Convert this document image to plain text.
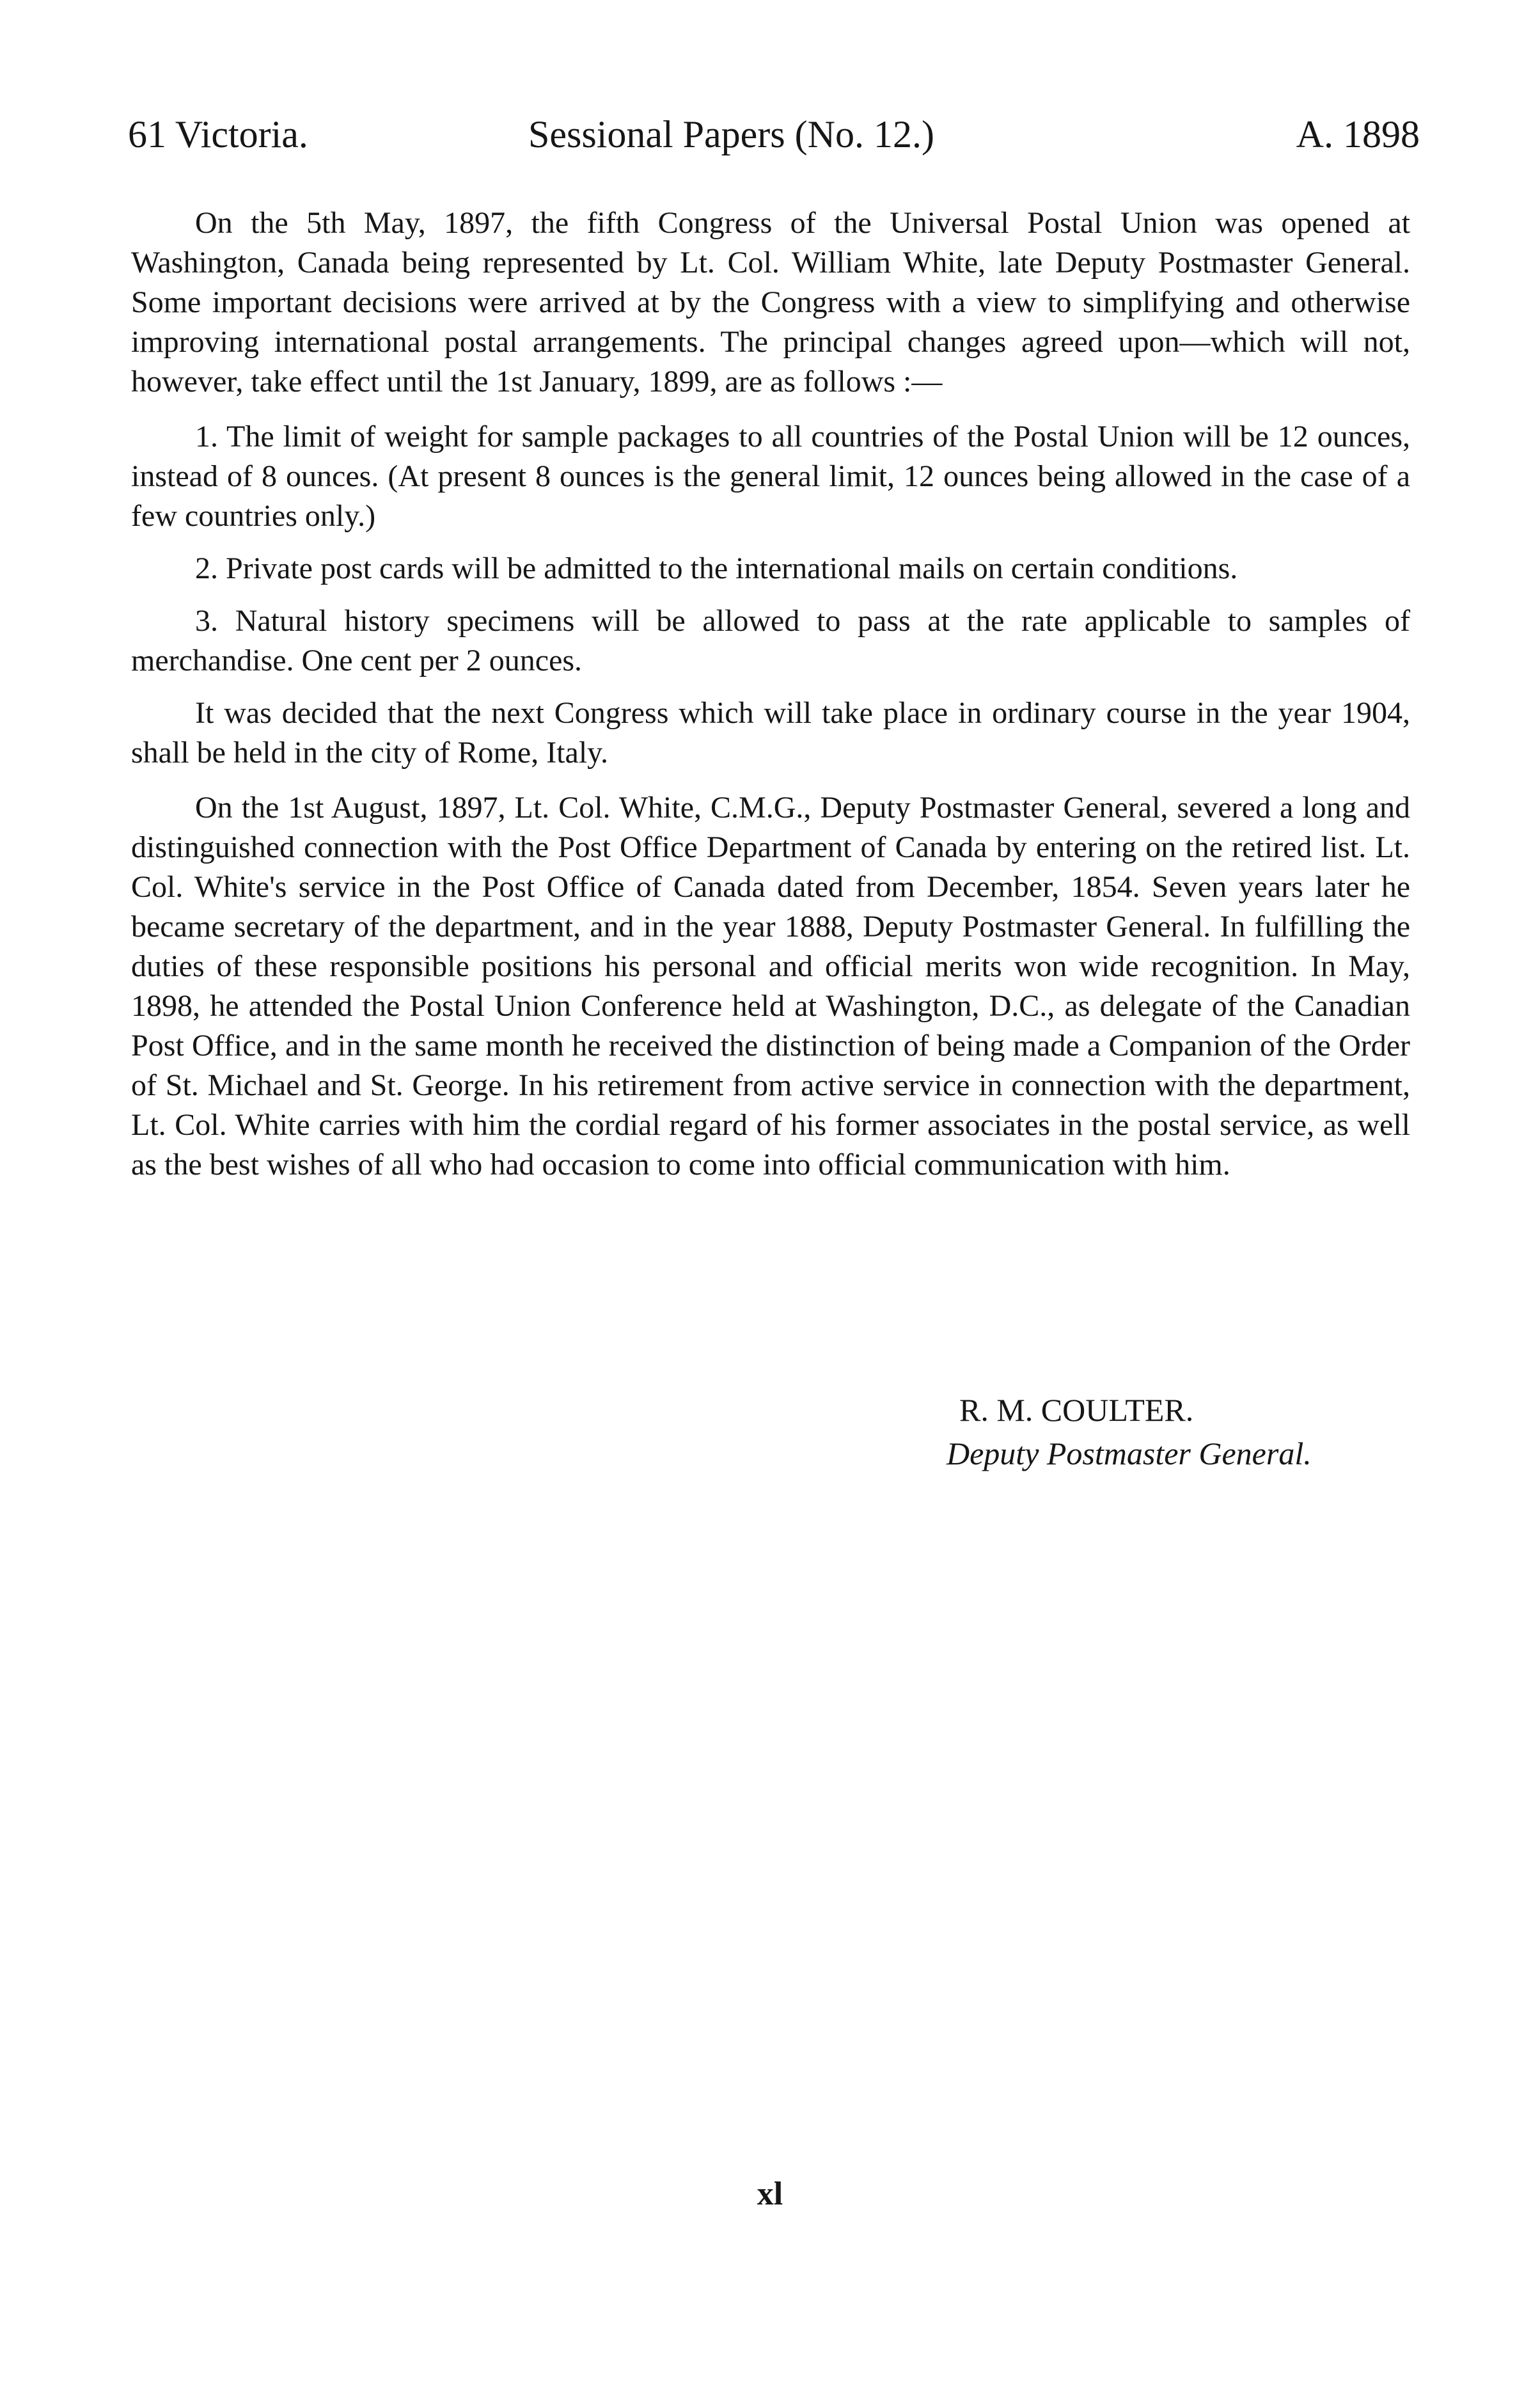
61 Victoria.	Sessional Papers (No. 12.)	A. 1898

On the 5th May, 1897, the fifth Congress of the Universal Postal Union was opened at Washington, Canada being represented by Lt. Col. William White, late Deputy Postmaster General. Some important decisions were arrived at by the Congress with a view to simplifying and otherwise improving international postal arrangements. The principal changes agreed upon—which will not, however, take effect until the 1st January, 1899, are as follows :—

1. The limit of weight for sample packages to all countries of the Postal Union will be 12 ounces, instead of 8 ounces. (At present 8 ounces is the general limit, 12 ounces being allowed in the case of a few countries only.)

2. Private post cards will be admitted to the international mails on certain conditions.

3. Natural history specimens will be allowed to pass at the rate applicable to samples of merchandise. One cent per 2 ounces.

It was decided that the next Congress which will take place in ordinary course in the year 1904, shall be held in the city of Rome, Italy.

On the 1st August, 1897, Lt. Col. White, C.M.G., Deputy Postmaster General, severed a long and distinguished connection with the Post Office Department of Canada by entering on the retired list. Lt. Col. White's service in the Post Office of Canada dated from December, 1854. Seven years later he became secretary of the department, and in the year 1888, Deputy Postmaster General. In fulfilling the duties of these responsible positions his personal and official merits won wide recognition. In May, 1898, he attended the Postal Union Conference held at Washington, D.C., as delegate of the Canadian Post Office, and in the same month he received the distinction of being made a Companion of the Order of St. Michael and St. George. In his retirement from active service in connection with the department, Lt. Col. White carries with him the cordial regard of his former associates in the postal service, as well as the best wishes of all who had occasion to come into official communication with him.

R. M. COULTER.
Deputy Postmaster General.
xl
